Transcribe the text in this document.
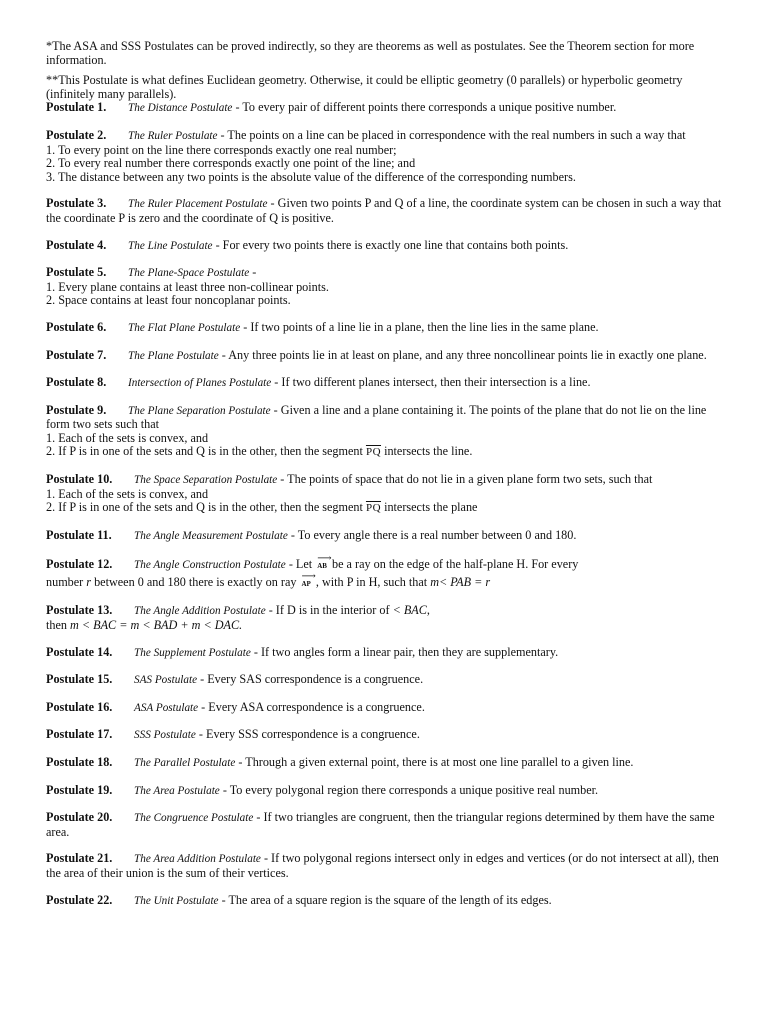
*The ASA and SSS Postulates can be proved indirectly, so they are theorems as well as postulates. See the Theorem section for more information.

**This Postulate is what defines Euclidean geometry. Otherwise, it could be elliptic geometry (0 parallels) or hyperbolic geometry (infinitely many parallels).

Postulate 1. The Distance Postulate - To every pair of different points there corresponds a unique positive number.

Postulate 2. The Ruler Postulate - The points on a line can be placed in correspondence with the real numbers in such a way that
1. To every point on the line there corresponds exactly one real number;
2. To every real number there corresponds exactly one point of the line; and
3. The distance between any two points is the absolute value of the difference of the corresponding numbers.

Postulate 3. The Ruler Placement Postulate - Given two points P and Q of a line, the coordinate system can be chosen in such a way that the coordinate P is zero and the coordinate of Q is positive.

Postulate 4. The Line Postulate - For every two points there is exactly one line that contains both points.

Postulate 5. The Plane-Space Postulate -
1. Every plane contains at least three non-collinear points.
2. Space contains at least four noncoplanar points.

Postulate 6. The Flat Plane Postulate - If two points of a line lie in a plane, then the line lies in the same plane.

Postulate 7. The Plane Postulate - Any three points lie in at least on plane, and any three noncollinear points lie in exactly one plane.

Postulate 8. Intersection of Planes Postulate - If two different planes intersect, then their intersection is a line.

Postulate 9. The Plane Separation Postulate - Given a line and a plane containing it. The points of the plane that do not lie on the line form two sets such that
1. Each of the sets is convex, and
2. If P is in one of the sets and Q is in the other, then the segment $\overline{PQ}$ intersects the line.

Postulate 10. The Space Separation Postulate - The points of space that do not lie in a given plane form two sets, such that
1. Each of the sets is convex, and
2. If P is in one of the sets and Q is in the other, then the segment $\overline{PQ}$ intersects the plane

Postulate 11. The Angle Measurement Postulate - To every angle there is a real number between 0 and 180.

Postulate 12. The Angle Construction Postulate - Let ⟶ AB be a ray on the edge of the half-plane H. For every
number r between 0 and 180 there is exactly on ray ⟶ AP , with P in H, such that m< PAB = r

Postulate 13. The Angle Addition Postulate - If D is in the interior of < BAC,
then m < BAC = m < BAD + m < DAC.

Postulate 14. The Supplement Postulate - If two angles form a linear pair, then they are supplementary.

Postulate 15. SAS Postulate - Every SAS correspondence is a congruence.

Postulate 16. ASA Postulate - Every ASA correspondence is a congruence.

Postulate 17. SSS Postulate - Every SSS correspondence is a congruence.

Postulate 18. The Parallel Postulate - Through a given external point, there is at most one line parallel to a given line.

Postulate 19. The Area Postulate - To every polygonal region there corresponds a unique positive real number.

Postulate 20. The Congruence Postulate - If two triangles are congruent, then the triangular regions determined by them have the same area.

Postulate 21. The Area Addition Postulate - If two polygonal regions intersect only in edges and vertices (or do not intersect at all), then the area of their union is the sum of their vertices.

Postulate 22. The Unit Postulate - The area of a square region is the square of the length of its edges.
